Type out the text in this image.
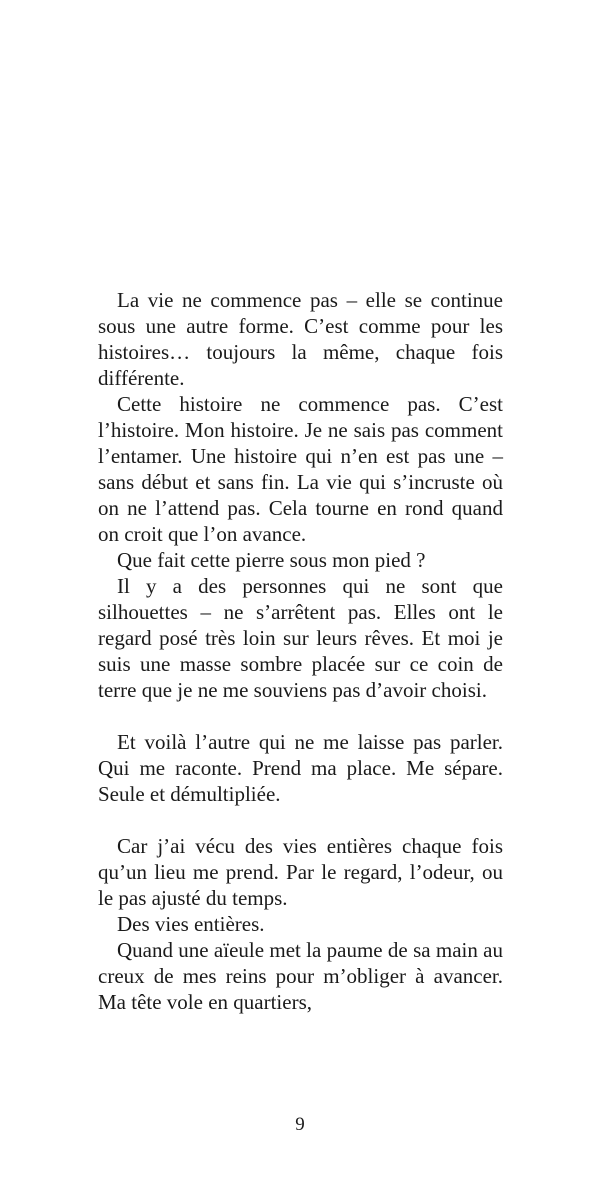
La vie ne commence pas – elle se continue sous une autre forme. C’est comme pour les histoires… toujours la même, chaque fois différente.

Cette histoire ne commence pas. C’est l’histoire. Mon histoire. Je ne sais pas comment l’entamer. Une histoire qui n’en est pas une – sans début et sans fin. La vie qui s’incruste où on ne l’attend pas. Cela tourne en rond quand on croit que l’on avance.

Que fait cette pierre sous mon pied ?

Il y a des personnes qui ne sont que silhouettes – ne s’arrêtent pas. Elles ont le regard posé très loin sur leurs rêves. Et moi je suis une masse sombre placée sur ce coin de terre que je ne me souviens pas d’avoir choisi.

Et voilà l’autre qui ne me laisse pas parler. Qui me raconte. Prend ma place. Me sépare. Seule et démultipliée.

Car j’ai vécu des vies entières chaque fois qu’un lieu me prend. Par le regard, l’odeur, ou le pas ajusté du temps.

Des vies entières.

Quand une aïeule met la paume de sa main au creux de mes reins pour m’obliger à avancer. Ma tête vole en quartiers,

9
